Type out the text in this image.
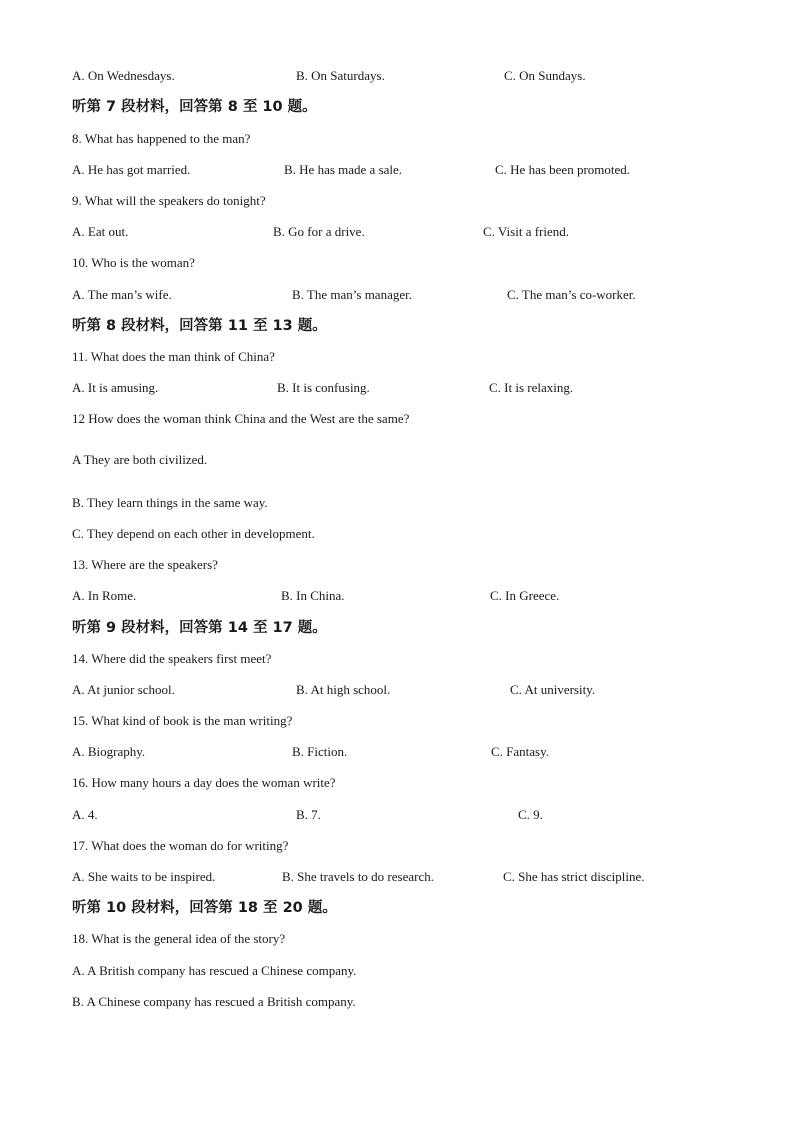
A. On Wednesdays.	B. On Saturdays.	C. On Sundays.
听第 7 段材料，回答第 8 至 10 题。
8. What has happened to the man?
A. He has got married.	B. He has made a sale.	C. He has been promoted.
9. What will the speakers do tonight?
A. Eat out.	B. Go for a drive.	C. Visit a friend.
10. Who is the woman?
A. The man’s wife.	B. The man’s manager.	C. The man’s co-worker.
听第 8 段材料，回答第 11 至 13 题。
11. What does the man think of China?
A. It is amusing.	B. It is confusing.	C. It is relaxing.
12 How does the woman think China and the West are the same?
A They are both civilized.
B. They learn things in the same way.
C. They depend on each other in development.
13. Where are the speakers?
A. In Rome.	B. In China.	C. In Greece.
听第 9 段材料，回答第 14 至 17 题。
14. Where did the speakers first meet?
A. At junior school.	B. At high school.	C. At university.
15. What kind of book is the man writing?
A. Biography.	B. Fiction.	C. Fantasy.
16. How many hours a day does the woman write?
A. 4.	B. 7.	C. 9.
17. What does the woman do for writing?
A. She waits to be inspired.	B. She travels to do research.	C. She has strict discipline.
听第 10 段材料，回答第 18 至 20 题。
18. What is the general idea of the story?
A. A British company has rescued a Chinese company.
B. A Chinese company has rescued a British company.
